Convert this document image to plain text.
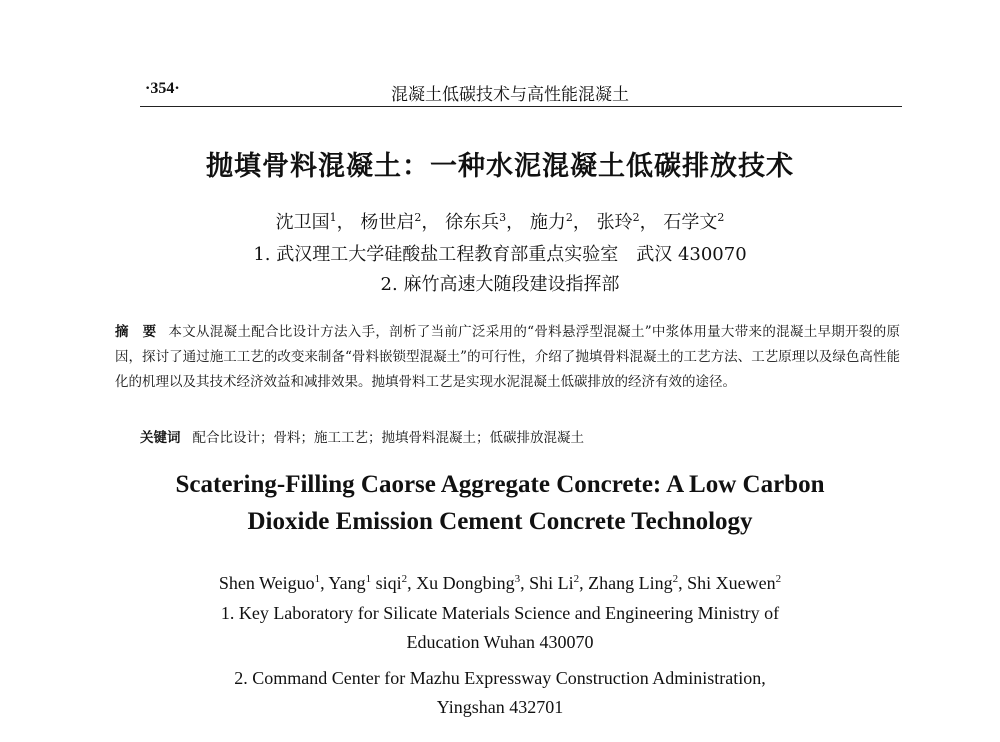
·354·	混凝土低碳技术与高性能混凝土
抛填骨料混凝土：一种水泥混凝土低碳排放技术
沈卫国$^1$， 杨世启$^2$， 徐东兵$^3$， 施力$^2$， 张玲$^2$， 石学文$^2$
1. 武汉理工大学硅酸盐工程教育部重点实验室　武汉 430070
2. 麻竹高速大随段建设指挥部
摘　要 本文从混凝土配合比设计方法入手，剖析了当前广泛采用的“骨料悬浮型混凝土”中浆体用量大带来的混凝土早期开裂的原因，探讨了通过施工工艺的改变来制备“骨料嵌锁型混凝土”的可行性，介绍了抛填骨料混凝土的工艺方法、工艺原理以及绿色高性能化的机理以及其技术经济效益和减排效果。抛填骨料工艺是实现水泥混凝土低碳排放的经济有效的途径。
关键词 配合比设计；骨料；施工工艺；抛填骨料混凝土；低碳排放混凝土
Scatering-Filling Caorse Aggregate Concrete: A Low Carbon
Dioxide Emission Cement Concrete Technology
Shen Weiguo$^1$, Yang$^1$ siqi$^2$, Xu Dongbing$^3$, Shi Li$^2$, Zhang Ling$^2$, Shi Xuewen$^2$
1. Key Laboratory for Silicate Materials Science and Engineering Ministry of
Education Wuhan 430070
2. Command Center for Mazhu Expressway Construction Administration,
Yingshan 432701
